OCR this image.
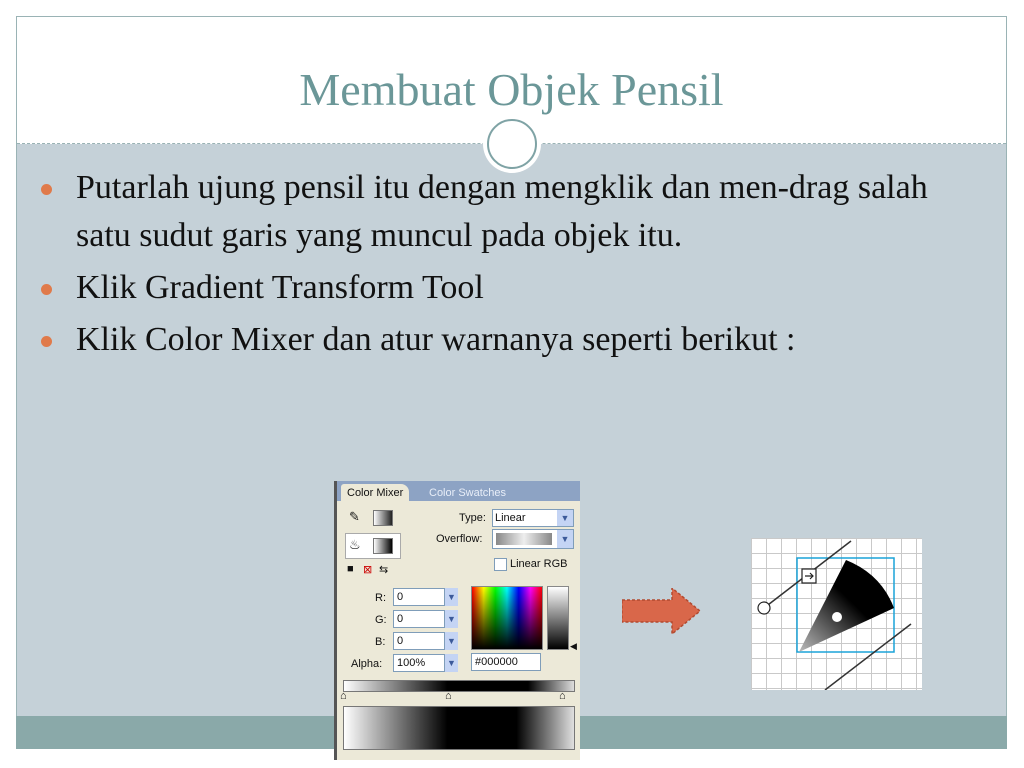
Membuat Objek Pensil
Putarlah ujung pensil itu dengan mengklik dan men-drag salah satu sudut garis yang muncul pada objek itu.
Klik Gradient Transform Tool
Klik Color Mixer dan atur warnanya seperti berikut :
Color Mixer	Color Swatches
✎
♨
■ ⊠ ⇆
Type: Linear	▼
Overflow:	▼
Linear RGB
R:	0	▼
G: 0	▼
B:	0	▼
Alpha:	100%	▼
◀
#000000
⌂	⌂	⌂
